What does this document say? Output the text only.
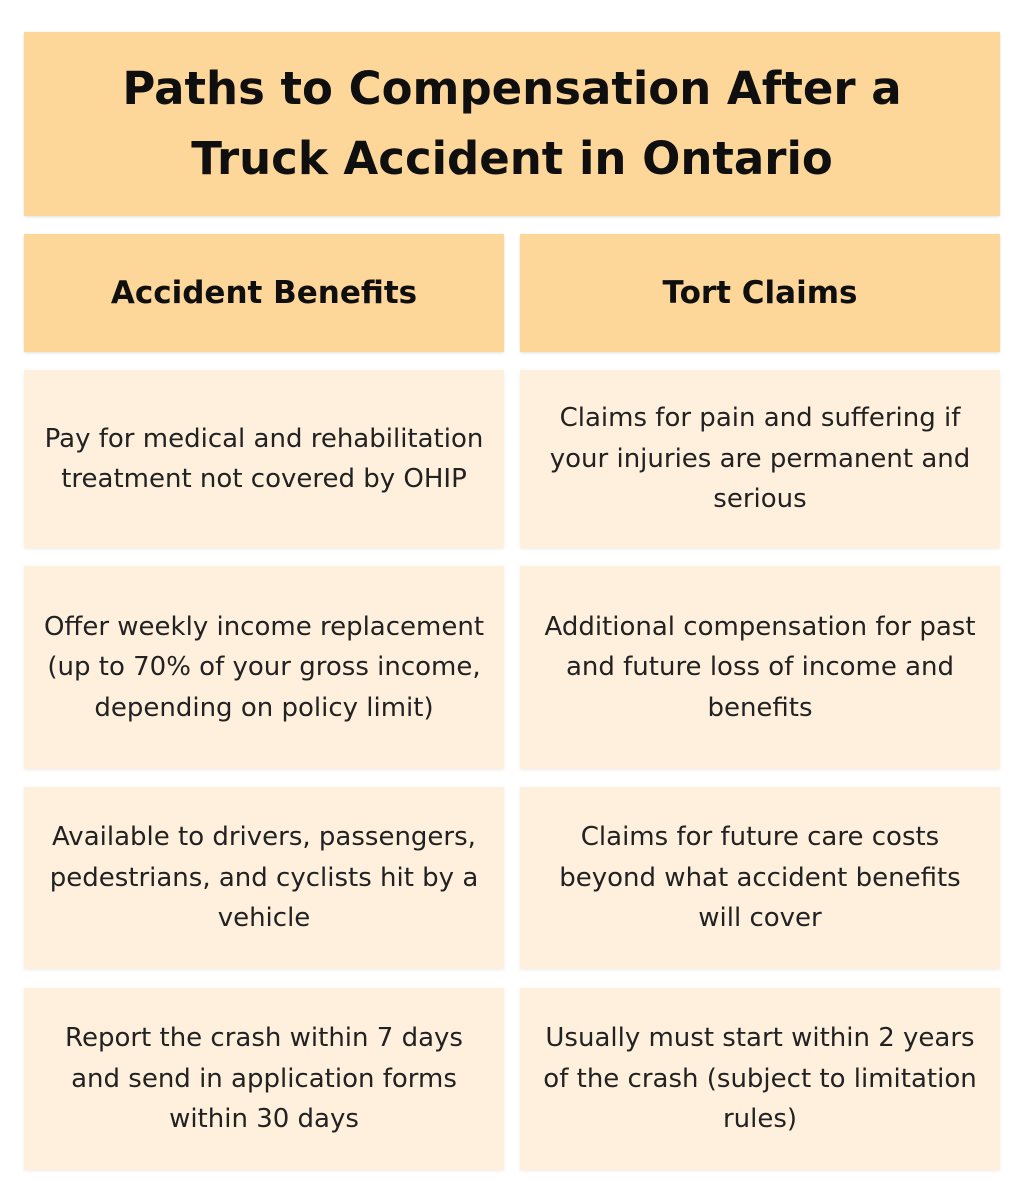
Paths to Compensation After a Truck Accident in Ontario
Accident Benefits	Tort Claims
Pay for medical and rehabilitation treatment not covered by OHIP
Claims for pain and suffering if your injuries are permanent and serious
Offer weekly income replacement (up to 70% of your gross income, depending on policy limit)
Additional compensation for past and future loss of income and benefits
Available to drivers, passengers, pedestrians, and cyclists hit by a vehicle
Claims for future care costs beyond what accident benefits will cover
Report the crash within 7 days and send in application forms within 30 days
Usually must start within 2 years of the crash (subject to limitation rules)
